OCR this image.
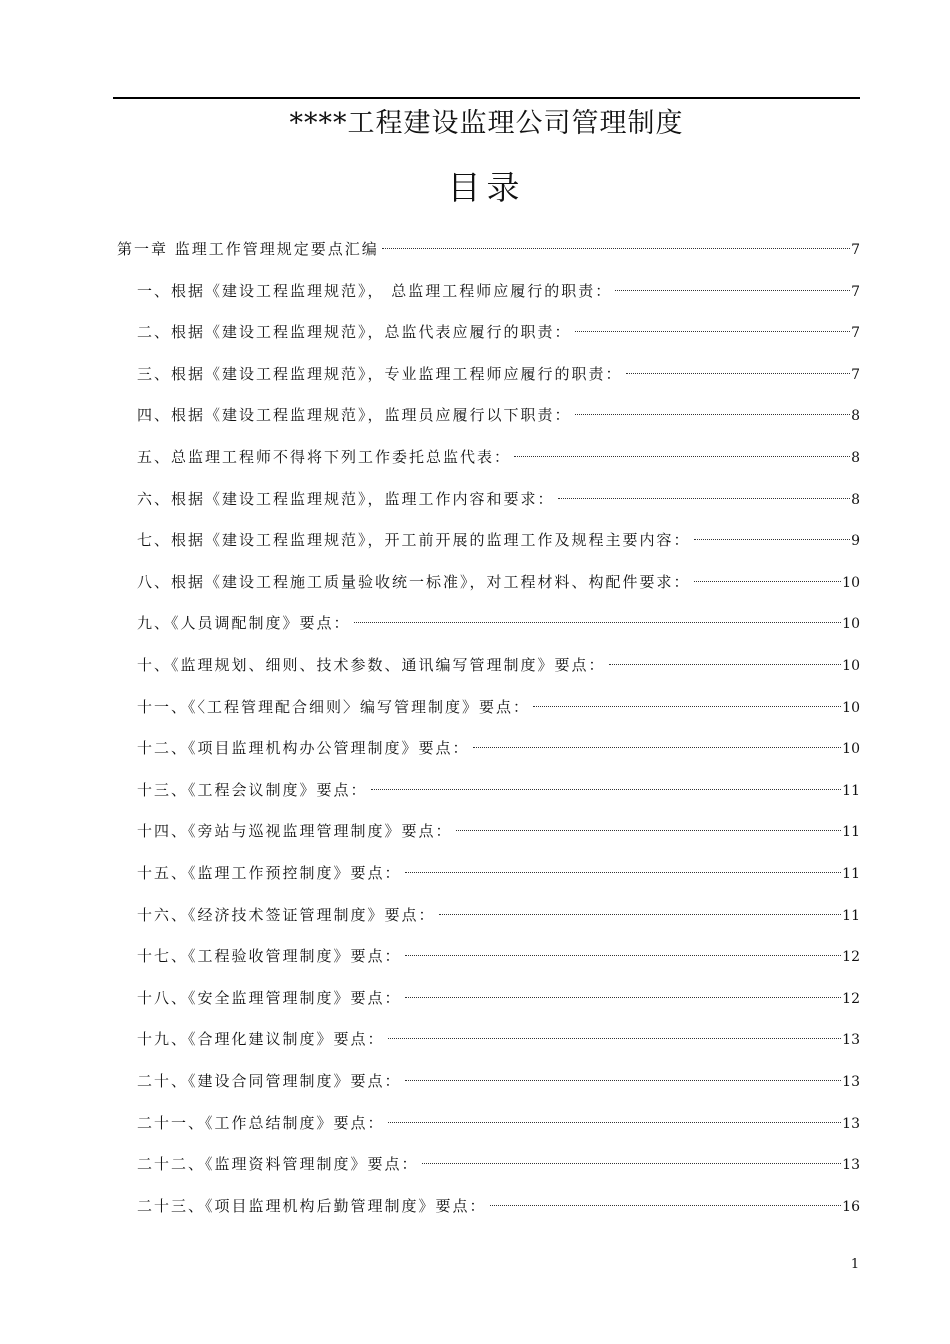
****工程建设监理公司管理制度
目录
第一章 监理工作管理规定要点汇编	7
一、根据《建设工程监理规范》， 总监理工程师应履行的职责：	7
二、根据《建设工程监理规范》，总监代表应履行的职责：	7
三、根据《建设工程监理规范》，专业监理工程师应履行的职责：	7
四、根据《建设工程监理规范》，监理员应履行以下职责：	8
五、总监理工程师不得将下列工作委托总监代表：	8
六、根据《建设工程监理规范》，监理工作内容和要求：	8
七、根据《建设工程监理规范》，开工前开展的监理工作及规程主要内容：	9
八、根据《建设工程施工质量验收统一标准》，对工程材料、构配件要求：	10
九、《人员调配制度》要点：	10
十、《监理规划、细则、技术参数、通讯编写管理制度》要点：	10
十一、《〈工程管理配合细则〉编写管理制度》要点：	10
十二、《项目监理机构办公管理制度》要点：	10
十三、《工程会议制度》要点：	11
十四、《旁站与巡视监理管理制度》要点：	11
十五、《监理工作预控制度》要点：	11
十六、《经济技术签证管理制度》要点：	11
十七、《工程验收管理制度》要点：	12
十八、《安全监理管理制度》要点：	12
十九、《合理化建议制度》要点：	13
二十、《建设合同管理制度》要点：	13
二十一、《工作总结制度》要点：	13
二十二、《监理资料管理制度》要点：	13
二十三、《项目监理机构后勤管理制度》要点：	16
1
